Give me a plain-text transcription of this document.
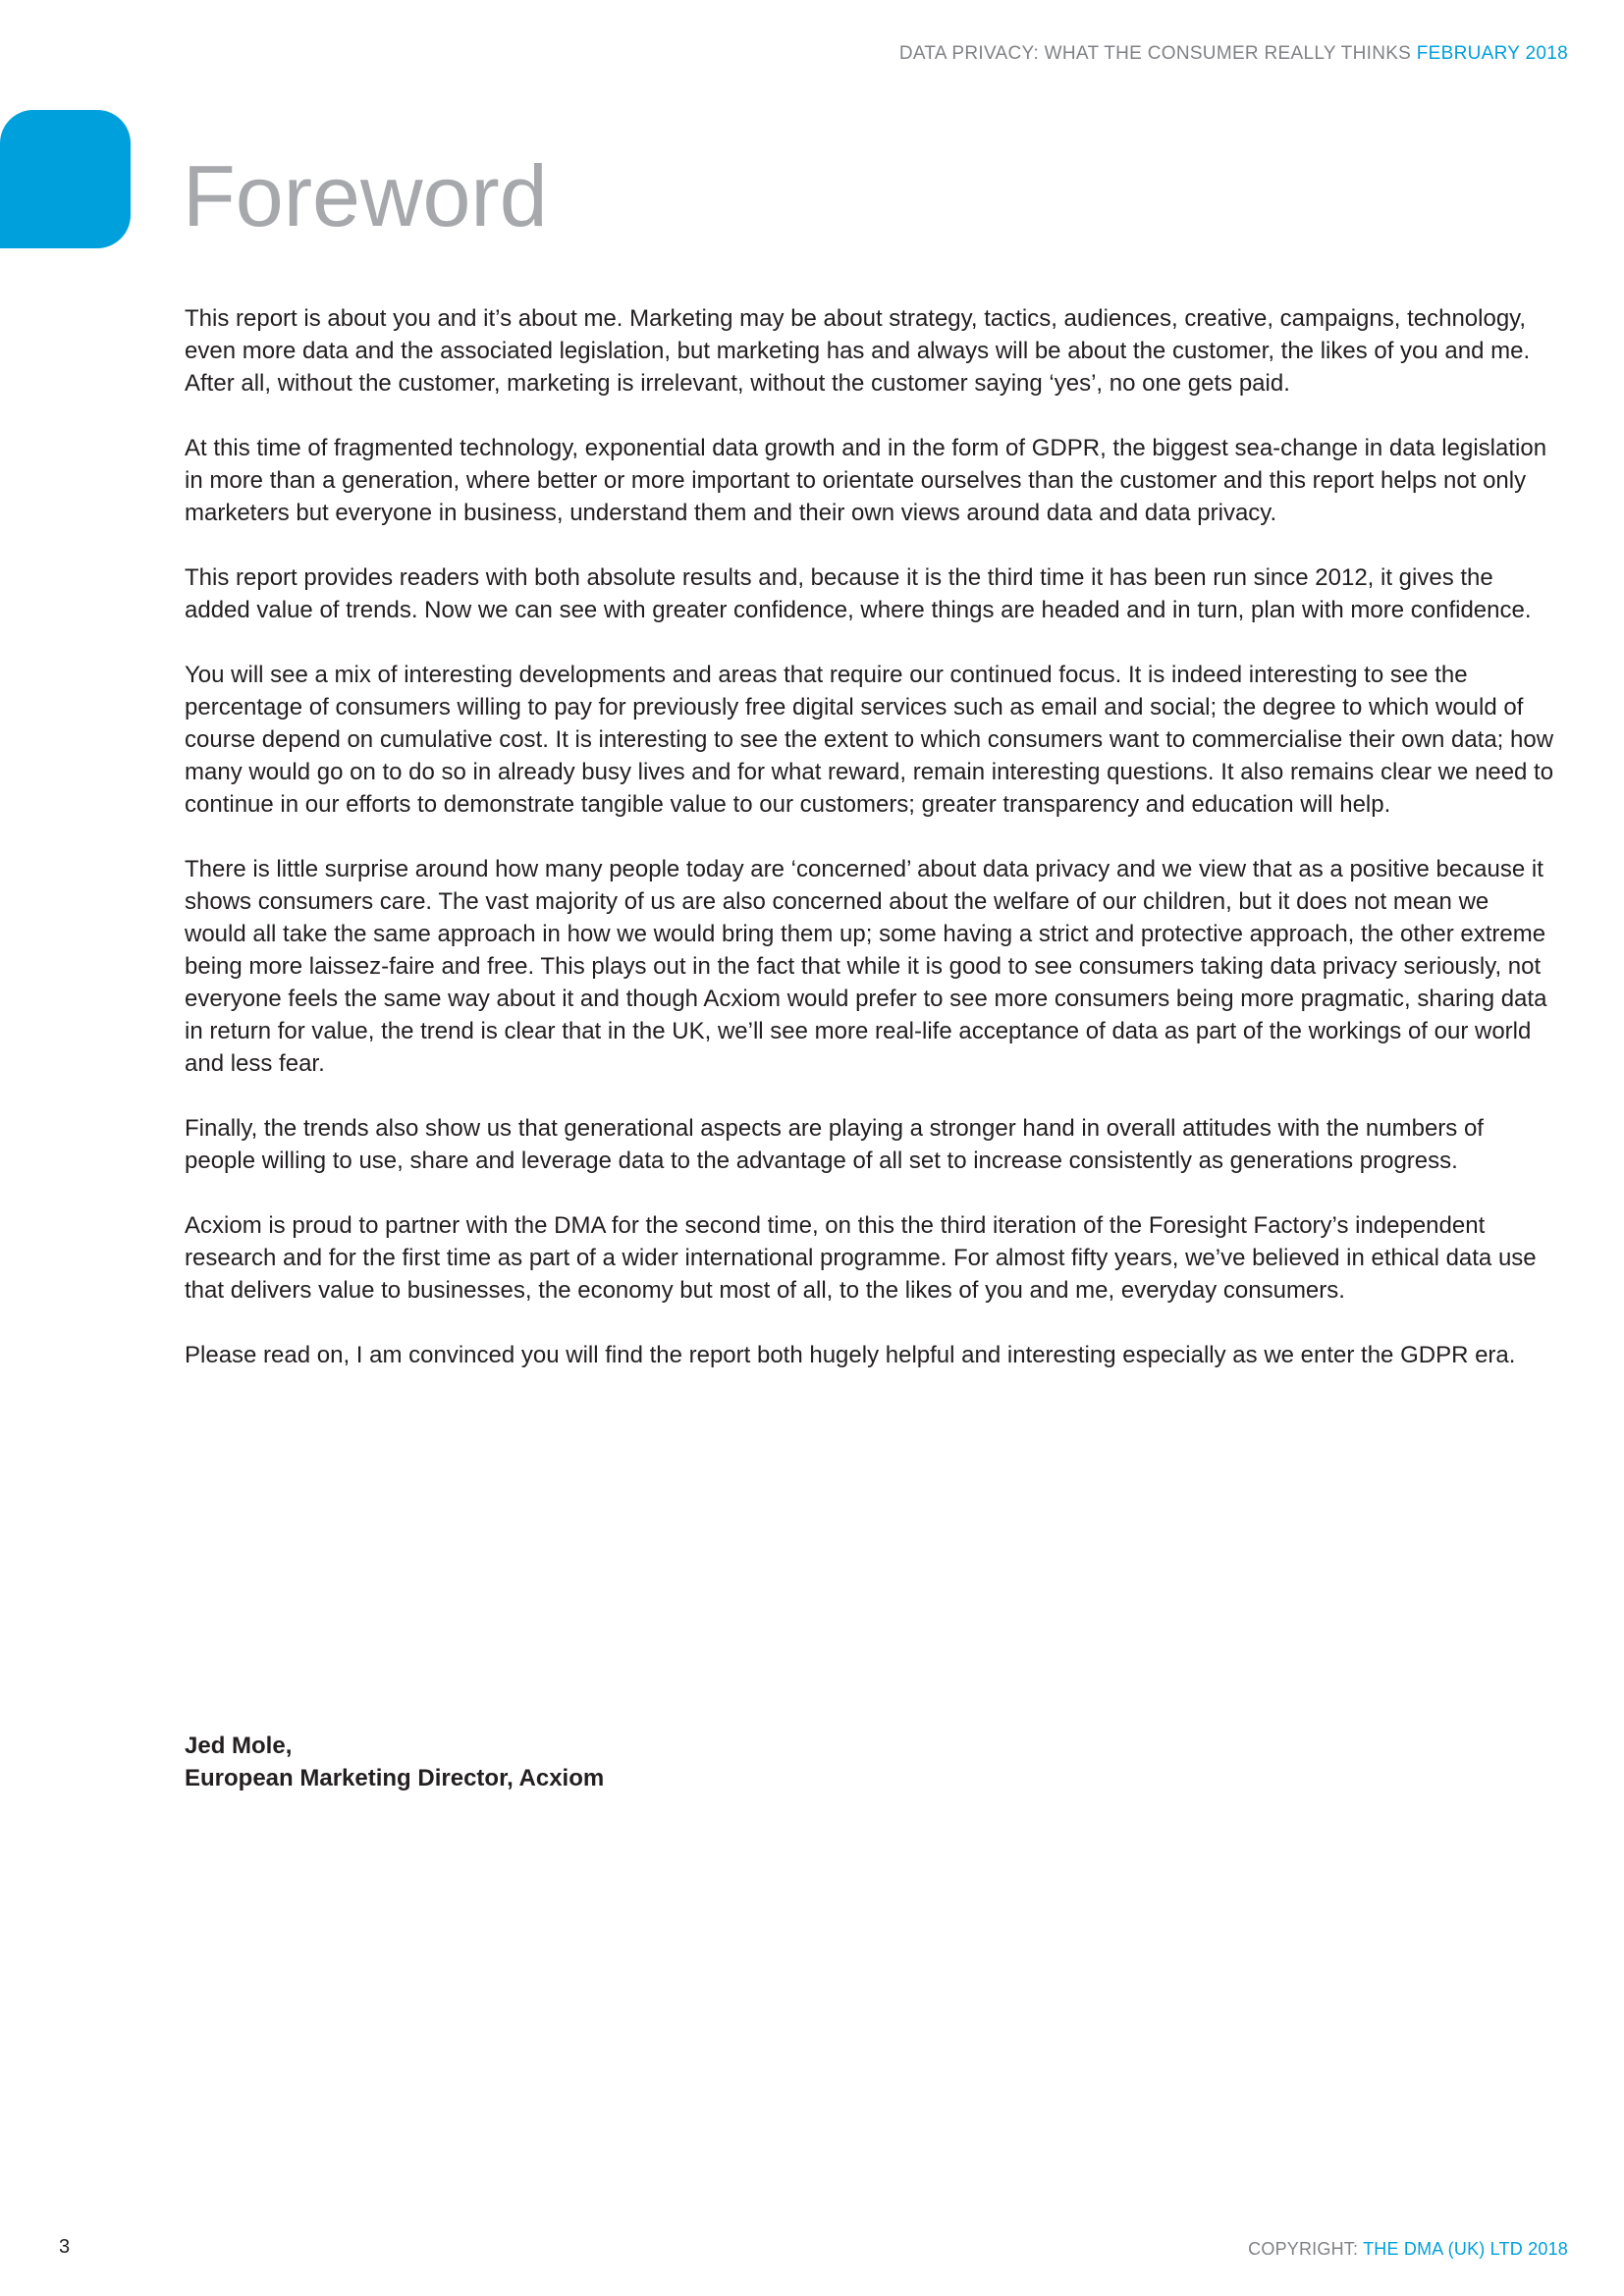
DATA PRIVACY: WHAT THE CONSUMER REALLY THINKS FEBRUARY 2018
Foreword

This report is about you and it’s about me. Marketing may be about strategy, tactics, audiences, creative, campaigns, technology, even more data and the associated legislation, but marketing has and always will be about the customer, the likes of you and me. After all, without the customer, marketing is irrelevant, without the customer saying ‘yes’, no one gets paid.

At this time of fragmented technology, exponential data growth and in the form of GDPR, the biggest sea-change in data legislation in more than a generation, where better or more important to orientate ourselves than the customer and this report helps not only marketers but everyone in business, understand them and their own views around data and data privacy.

This report provides readers with both absolute results and, because it is the third time it has been run since 2012, it gives the added value of trends. Now we can see with greater confidence, where things are headed and in turn, plan with more confidence.

You will see a mix of interesting developments and areas that require our continued focus. It is indeed interesting to see the percentage of consumers willing to pay for previously free digital services such as email and social; the degree to which would of course depend on cumulative cost. It is interesting to see the extent to which consumers want to commercialise their own data; how many would go on to do so in already busy lives and for what reward, remain interesting questions. It also remains clear we need to continue in our efforts to demonstrate tangible value to our customers; greater transparency and education will help.

There is little surprise around how many people today are ‘concerned’ about data privacy and we view that as a positive because it shows consumers care. The vast majority of us are also concerned about the welfare of our children, but it does not mean we would all take the same approach in how we would bring them up; some having a strict and protective approach, the other extreme being more laissez-faire and free. This plays out in the fact that while it is good to see consumers taking data privacy seriously, not everyone feels the same way about it and though Acxiom would prefer to see more consumers being more pragmatic, sharing data in return for value, the trend is clear that in the UK, we’ll see more real-life acceptance of data as part of the workings of our world and less fear.

Finally, the trends also show us that generational aspects are playing a stronger hand in overall attitudes with the numbers of people willing to use, share and leverage data to the advantage of all set to increase consistently as generations progress.

Acxiom is proud to partner with the DMA for the second time, on this the third iteration of the Foresight Factory’s independent research and for the first time as part of a wider international programme. For almost fifty years, we’ve believed in ethical data use that delivers value to businesses, the economy but most of all, to the likes of you and me, everyday consumers.

Please read on, I am convinced you will find the report both hugely helpful and interesting especially as we enter the GDPR era.

Jed Mole,
European Marketing Director, Acxiom
3	COPYRIGHT: THE DMA (UK) LTD 2018
